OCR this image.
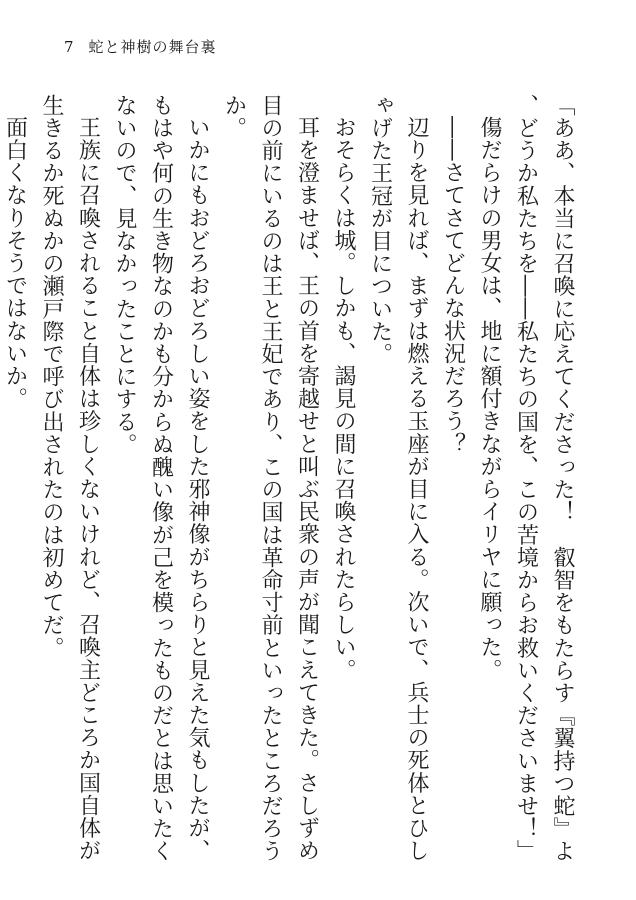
7 蛇と神樹の舞台裏

「ああ、本当に召喚に応えてくださった！　叡智をもたらす『翼持つ蛇』よ、どうか私たちを――私たちの国を、この苦境からお救いくださいませ！」

傷だらけの男女は、地に額付きながらイリヤに願った。

――さてさてどんな状況だろう？

辺りを見れば、まずは燃える玉座が目に入る。次いで、兵士の死体とひしゃげた王冠が目についた。

おそらくは城。しかも、謁見の間に召喚されたらしい。

耳を澄ませば、王の首を寄越せと叫ぶ民衆の声が聞こえてきた。さしずめ目の前にいるのは王と王妃であり、この国は革命寸前といったところだろうか。

いかにもおどろおどろしい姿をした邪神像がちらりと見えた気もしたが、もはや何の生き物なのかも分からぬ醜い像が己を模ったものだとは思いたくないので、見なかったことにする。

王族に召喚されること自体は珍しくないけれど、召喚主どころか国自体が生きるか死ぬかの瀬戸際で呼び出されたのは初めてだ。

面白くなりそうではないか。
